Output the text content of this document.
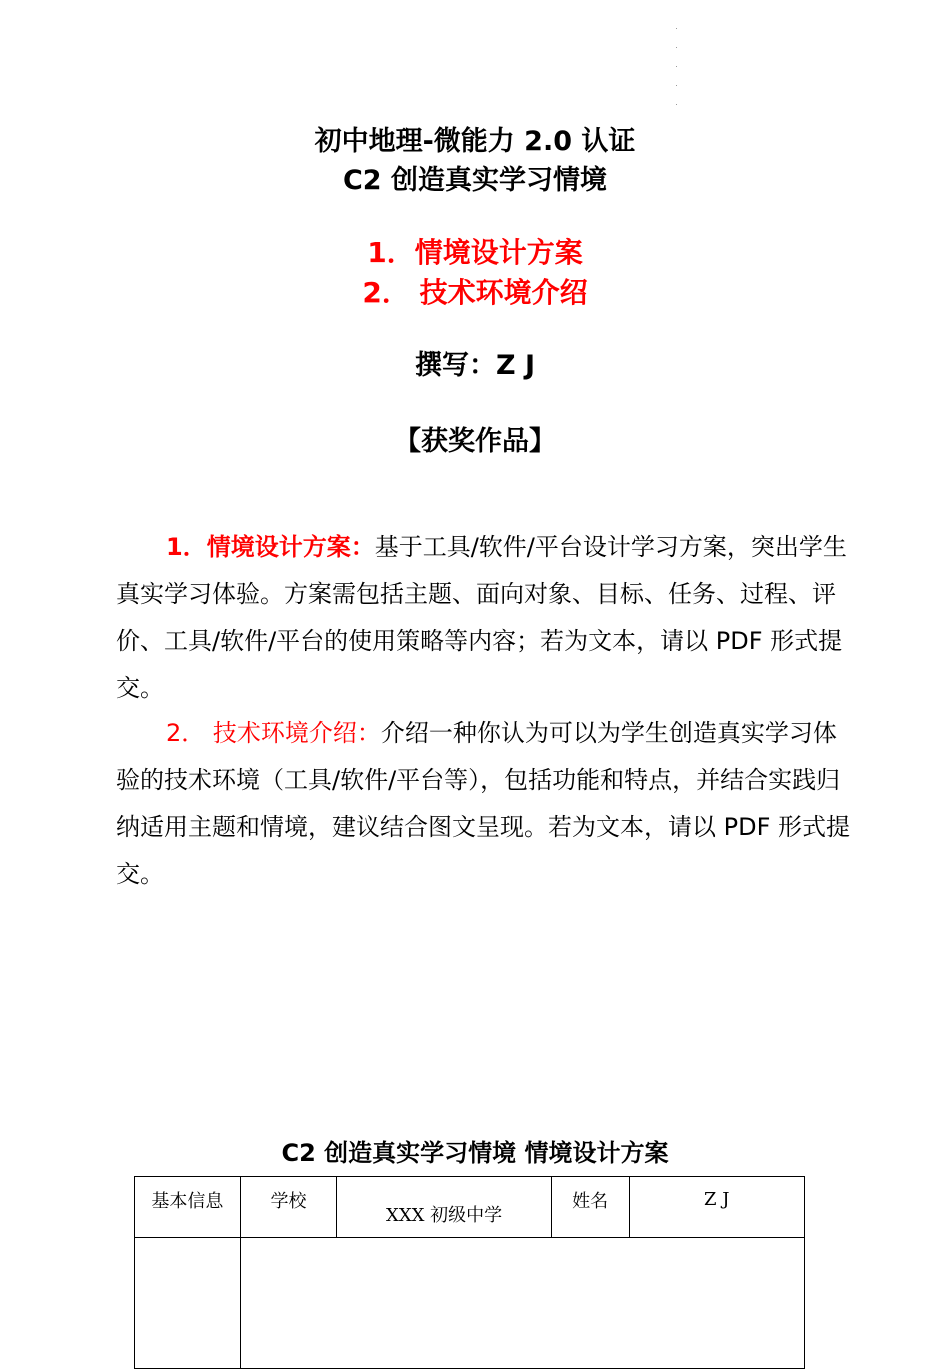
初中地理-微能力 2.0 认证
C2 创造真实学习情境
1．情境设计方案
2． 技术环境介绍
撰写：Z J
【获奖作品】
1．情境设计方案：基于工具/软件/平台设计学习方案，突出学生真实学习体验。方案需包括主题、面向对象、目标、任务、过程、评价、工具/软件/平台的使用策略等内容；若为文本，请以 PDF 形式提交。
2． 技术环境介绍：介绍一种你认为可以为学生创造真实学习体验的技术环境（工具/软件/平台等），包括功能和特点，并结合实践归纳适用主题和情境，建议结合图文呈现。若为文本，请以 PDF 形式提交。
C2 创造真实学习情境 情境设计方案
基本信息	学校	XXX 初级中学	姓名	Z J
